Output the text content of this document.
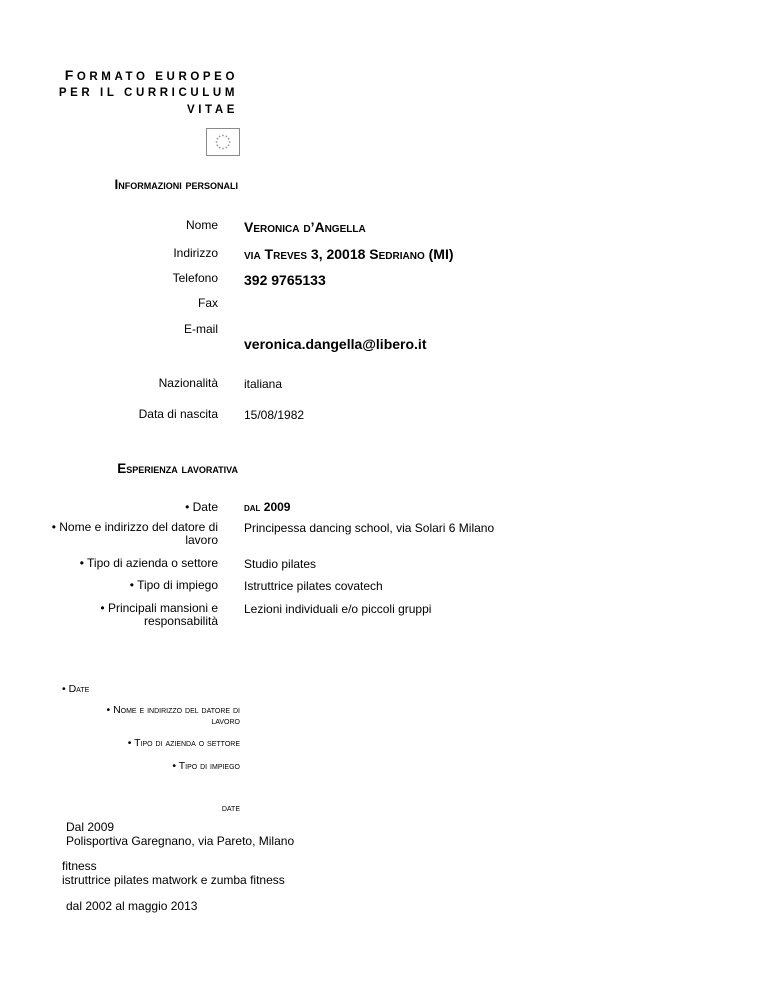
FORMATO EUROPEO
PER IL CURRICULUM
VITAE
Informazioni personali
Nome Veronica d’Angella
Indirizzo via Treves 3, 20018 Sedriano (MI)
Telefono 392 9765133
Fax
E-mail
veronica.dangella@libero.it
Nazionalità italiana
Data di nascita 15/08/1982
Esperienza lavorativa
• Date dal 2009
• Nome e indirizzo del datore di
lavoro
Principessa dancing school, via Solari 6 Milano
• Tipo di azienda o settore Studio pilates
• Tipo di impiego Istruttrice pilates covatech
• Principali mansioni e
responsabilità
Lezioni individuali e/o piccoli gruppi
• Date
• Nome e indirizzo del datore di
lavoro
• Tipo di azienda o settore
• Tipo di impiego
date
Dal 2009
Polisportiva Garegnano, via Pareto, Milano
fitness
istruttrice pilates matwork e zumba fitness
dal 2002 al maggio 2013
